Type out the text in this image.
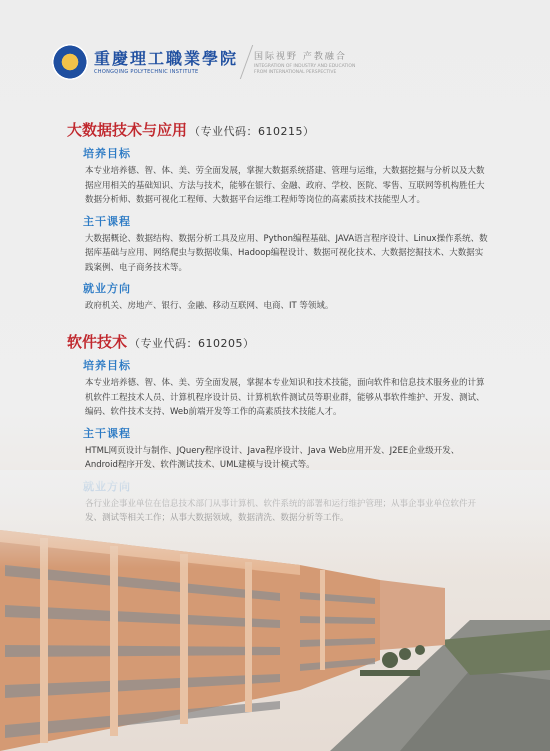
重慶理工職業學院
CHONGQING POLYTECHNIC INSTITUTE
国际视野 产教融合
INTEGRATION OF INDUSTRY AND EDUCATION FROM INTERNATIONAL PERSPECTIVE
大数据技术与应用 （专业代码：610215）
培养目标
本专业培养德、智、体、美、劳全面发展，掌握大数据系统搭建、管理与运维，大数据挖掘与分析以及大数据应用相关的基础知识、方法与技术，能够在银行、金融、政府、学校、医院、零售、互联网等机构胜任大数据分析师、数据可视化工程师、大数据平台运维工程师等岗位的高素质技术技能型人才。
主干课程
大数据概论、数据结构、数据分析工具及应用、Python编程基础、JAVA语言程序设计、Linux操作系统、数据库基础与应用、网络爬虫与数据收集、Hadoop编程设计、数据可视化技术、大数据挖掘技术、大数据实践案例、电子商务技术等。
就业方向
政府机关、房地产、银行、金融、移动互联网、电商、IT 等领域。
软件技术 （专业代码：610205）
培养目标
本专业培养德、智、体、美、劳全面发展，掌握本专业知识和技术技能，面向软件和信息技术服务业的计算机软件工程技术人员、计算机程序设计员、计算机软件测试员等职业群，能够从事软件维护、开发、测试、编码、软件技术支持、Web前端开发等工作的高素质技术技能人才。
主干课程
HTML网页设计与制作、JQuery程序设计、Java程序设计、Java Web应用开发、J2EE企业级开发、Android程序开发、软件测试技术、UML建模与设计模式等。
